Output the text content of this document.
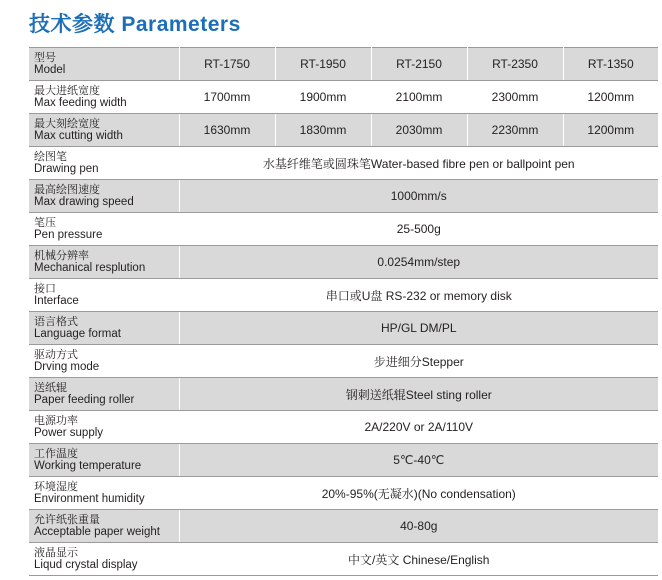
技术参数 Parameters
型号
Model	RT-1750	RT-1950	RT-2150	RT-2350	RT-1350

最大进纸宽度
Max feeding width	1700mm	1900mm	2100mm	2300mm	1200mm

最大刻绘宽度
Max cutting width	1630mm	1830mm	2030mm	2230mm	1200mm

绘图笔
Drawing pen	水基纤维笔或圆珠笔Water-based fibre pen or ballpoint pen				

最高绘图速度
Max drawing speed	1000mm/s				

笔压
Pen pressure	25-500g				

机械分辨率
Mechanical resplution	0.0254mm/step				

接口
Interface	串口或U盘 RS-232 or memory disk				

语言格式
Language format	HP/GL DM/PL				

驱动方式
Drving mode	步进细分Stepper				

送纸辊
Paper feeding roller	钢刺送纸辊Steel sting roller				

电源功率
Power supply	2A/220V or 2A/110V				

工作温度
Working temperature	5℃-40℃				

环境湿度
Environment humidity	20%-95%(无凝水)(No condensation)				

允许纸张重量
Acceptable paper weight	40-80g				

液晶显示
Liqud crystal display	中文/英文 Chinese/English				
